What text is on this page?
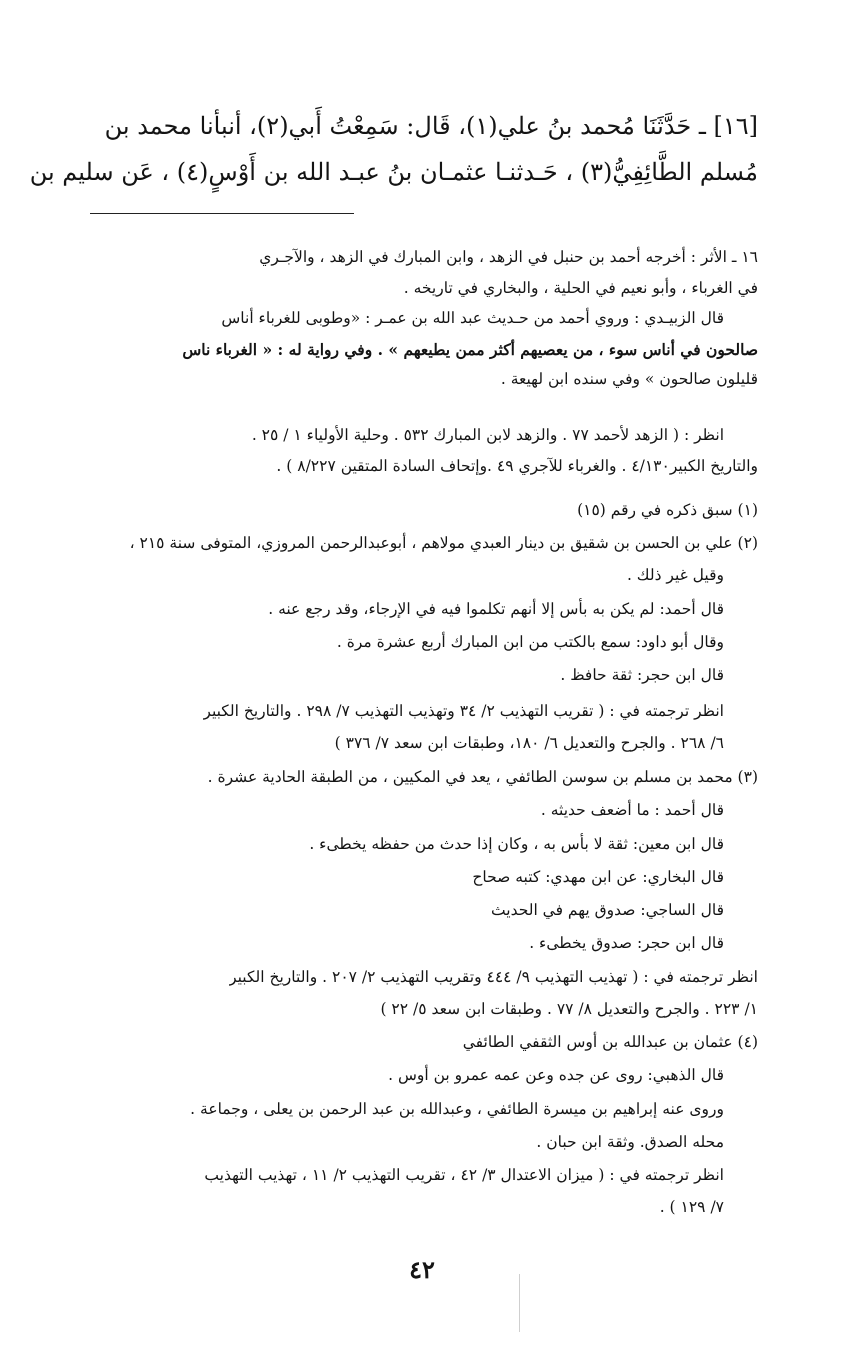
[١٦] ـ حَدَّثَنَا مُحمد بنُ علي(١)، قَال: سَمِعْتُ أَبي(٢)، أنبأنا محمد بن
مُسلم الطَّائِفِيُّ(٣) ، حَـدثنـا عثمـان بنُ عبـد الله بن أَوْسٍ(٤) ، عَن سليم بن
١٦ ـ الأثر : أخرجه أحمد بن حنبل في الزهد ، وابن المبارك في الزهد ، والآجـري
في الغرباء ، وأبو نعيم في الحلية ، والبخاري في تاريخه .
قال الزبيـدي : وروي أحمد من حـديث عبد الله بن عمـر : «وطوبى للغرباء أناس
صالحون في أناس سوء ، من يعصيهم أكثر ممن يطيعهم » . وفي رواية له : « الغرباء ناس
قليلون صالحون » وفي سنده ابن لهيعة .
انظر : ( الزهد لأحمد ٧٧ . والزهد لابن المبارك ٥٣٢ . وحلية الأولياء ١ / ٢٥ .
والتاريخ الكبير٤/١٣٠ . والغرباء للآجري ٤٩ .وإتحاف السادة المتقين ٨/٢٢٧ ) .
(١) سبق ذكره في رقم (١٥)
(٢) علي بن الحسن بن شقيق بن دينار العبدي مولاهم ، أبوعبدالرحمن المروزي، المتوفى سنة ٢١٥ ،
وقيل غير ذلك .
قال أحمد: لم يكن به بأس إلا أنهم تكلموا فيه في الإرجاء، وقد رجع عنه .
وقال أبو داود: سمع بالكتب من ابن المبارك أربع عشرة مرة .
قال ابن حجر: ثقة حافظ .
انظر ترجمته في : ( تقريب التهذيب ٢/ ٣٤ وتهذيب التهذيب ٧/ ٢٩٨ . والتاريخ الكبير
٦/ ٢٦٨ . والجرح والتعديل ٦/ ١٨٠، وطبقات ابن سعد ٧/ ٣٧٦ )
(٣) محمد بن مسلم بن سوسن الطائفي ، يعد في المكيين ، من الطبقة الحادية عشرة .
قال أحمد : ما أضعف حديثه .
قال ابن معين: ثقة لا بأس به ، وكان إذا حدث من حفظه يخطىء .
قال البخاري: عن ابن مهدي: كتبه صحاح
قال الساجي: صدوق يهم في الحديث
قال ابن حجر: صدوق يخطىء .
انظر ترجمته في : ( تهذيب التهذيب ٩/ ٤٤٤ وتقريب التهذيب ٢/ ٢٠٧ . والتاريخ الكبير
١/ ٢٢٣ . والجرح والتعديل ٨/ ٧٧ . وطبقات ابن سعد ٥/ ٢٢ )
(٤) عثمان بن عبدالله بن أوس الثقفي الطائفي
قال الذهبي: روى عن جده وعن عمه عمرو بن أوس .
وروى عنه إبراهيم بن ميسرة الطائفي ، وعبدالله بن عبد الرحمن بن يعلى ، وجماعة .
محله الصدق. وثقة ابن حبان .
انظر ترجمته في : ( ميزان الاعتدال ٣/ ٤٢ ، تقريب التهذيب ٢/ ١١ ، تهذيب التهذيب
٧/ ١٢٩ ) .
٤٢
